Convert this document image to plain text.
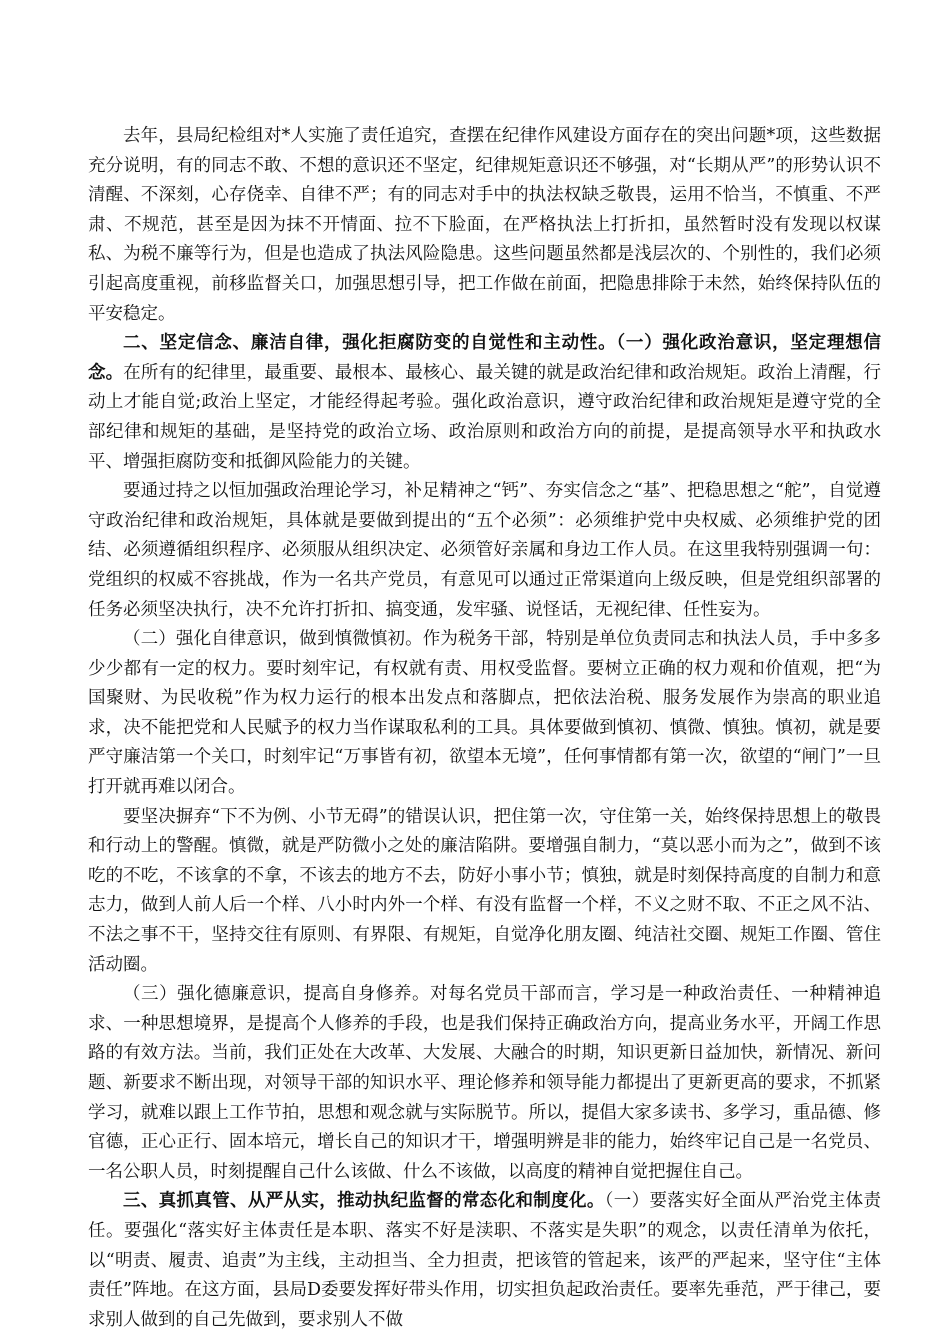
去年，县局纪检组对*人实施了责任追究，查摆在纪律作风建设方面存在的突出问题*项，这些数据充分说明，有的同志不敢、不想的意识还不坚定，纪律规矩意识还不够强，对“长期从严”的形势认识不清醒、不深刻，心存侥幸、自律不严；有的同志对手中的执法权缺乏敬畏，运用不恰当，不慎重、不严肃、不规范，甚至是因为抹不开情面、拉不下脸面，在严格执法上打折扣，虽然暂时没有发现以权谋私、为税不廉等行为，但是也造成了执法风险隐患。这些问题虽然都是浅层次的、个别性的，我们必须引起高度重视，前移监督关口，加强思想引导，把工作做在前面，把隐患排除于未然，始终保持队伍的平安稳定。

二、坚定信念、廉洁自律，强化拒腐防变的自觉性和主动性。（一）强化政治意识，坚定理想信念。在所有的纪律里，最重要、最根本、最核心、最关键的就是政治纪律和政治规矩。政治上清醒，行动上才能自觉;政治上坚定，才能经得起考验。强化政治意识，遵守政治纪律和政治规矩是遵守党的全部纪律和规矩的基础，是坚持党的政治立场、政治原则和政治方向的前提，是提高领导水平和执政水平、增强拒腐防变和抵御风险能力的关键。

要通过持之以恒加强政治理论学习，补足精神之“钙”、夯实信念之“基”、把稳思想之“舵”，自觉遵守政治纪律和政治规矩，具体就是要做到提出的“五个必须”：必须维护党中央权威、必须维护党的团结、必须遵循组织程序、必须服从组织决定、必须管好亲属和身边工作人员。在这里我特别强调一句：党组织的权威不容挑战，作为一名共产党员，有意见可以通过正常渠道向上级反映，但是党组织部署的任务必须坚决执行，决不允许打折扣、搞变通，发牢骚、说怪话，无视纪律、任性妄为。

（二）强化自律意识，做到慎微慎初。作为税务干部，特别是单位负责同志和执法人员，手中多多少少都有一定的权力。要时刻牢记，有权就有责、用权受监督。要树立正确的权力观和价值观，把“为国聚财、为民收税”作为权力运行的根本出发点和落脚点，把依法治税、服务发展作为崇高的职业追求，决不能把党和人民赋予的权力当作谋取私利的工具。具体要做到慎初、慎微、慎独。慎初，就是要严守廉洁第一个关口，时刻牢记“万事皆有初，欲望本无境”，任何事情都有第一次，欲望的“闸门”一旦打开就再难以闭合。

要坚决摒弃“下不为例、小节无碍”的错误认识，把住第一次，守住第一关，始终保持思想上的敬畏和行动上的警醒。慎微，就是严防微小之处的廉洁陷阱。要增强自制力，“莫以恶小而为之”，做到不该吃的不吃，不该拿的不拿，不该去的地方不去，防好小事小节；慎独，就是时刻保持高度的自制力和意志力，做到人前人后一个样、八小时内外一个样、有没有监督一个样，不义之财不取、不正之风不沾、不法之事不干，坚持交往有原则、有界限、有规矩，自觉净化朋友圈、纯洁社交圈、规矩工作圈、管住活动圈。

（三）强化德廉意识，提高自身修养。对每名党员干部而言，学习是一种政治责任、一种精神追求、一种思想境界，是提高个人修养的手段，也是我们保持正确政治方向，提高业务水平，开阔工作思路的有效方法。当前，我们正处在大改革、大发展、大融合的时期，知识更新日益加快，新情况、新问题、新要求不断出现，对领导干部的知识水平、理论修养和领导能力都提出了更新更高的要求，不抓紧学习，就难以跟上工作节拍，思想和观念就与实际脱节。所以，提倡大家多读书、多学习，重品德、修官德，正心正行、固本培元，增长自己的知识才干，增强明辨是非的能力，始终牢记自己是一名党员、一名公职人员，时刻提醒自己什么该做、什么不该做，以高度的精神自觉把握住自己。

三、真抓真管、从严从实，推动执纪监督的常态化和制度化。（一）要落实好全面从严治党主体责任。要强化“落实好主体责任是本职、落实不好是渎职、不落实是失职”的观念，以责任清单为依托，以“明责、履责、追责”为主线，主动担当、全力担责，把该管的管起来，该严的严起来，坚守住“主体责任”阵地。在这方面，县局D委要发挥好带头作用，切实担负起政治责任。要率先垂范，严于律己，要求别人做到的自己先做到，要求别人不做
